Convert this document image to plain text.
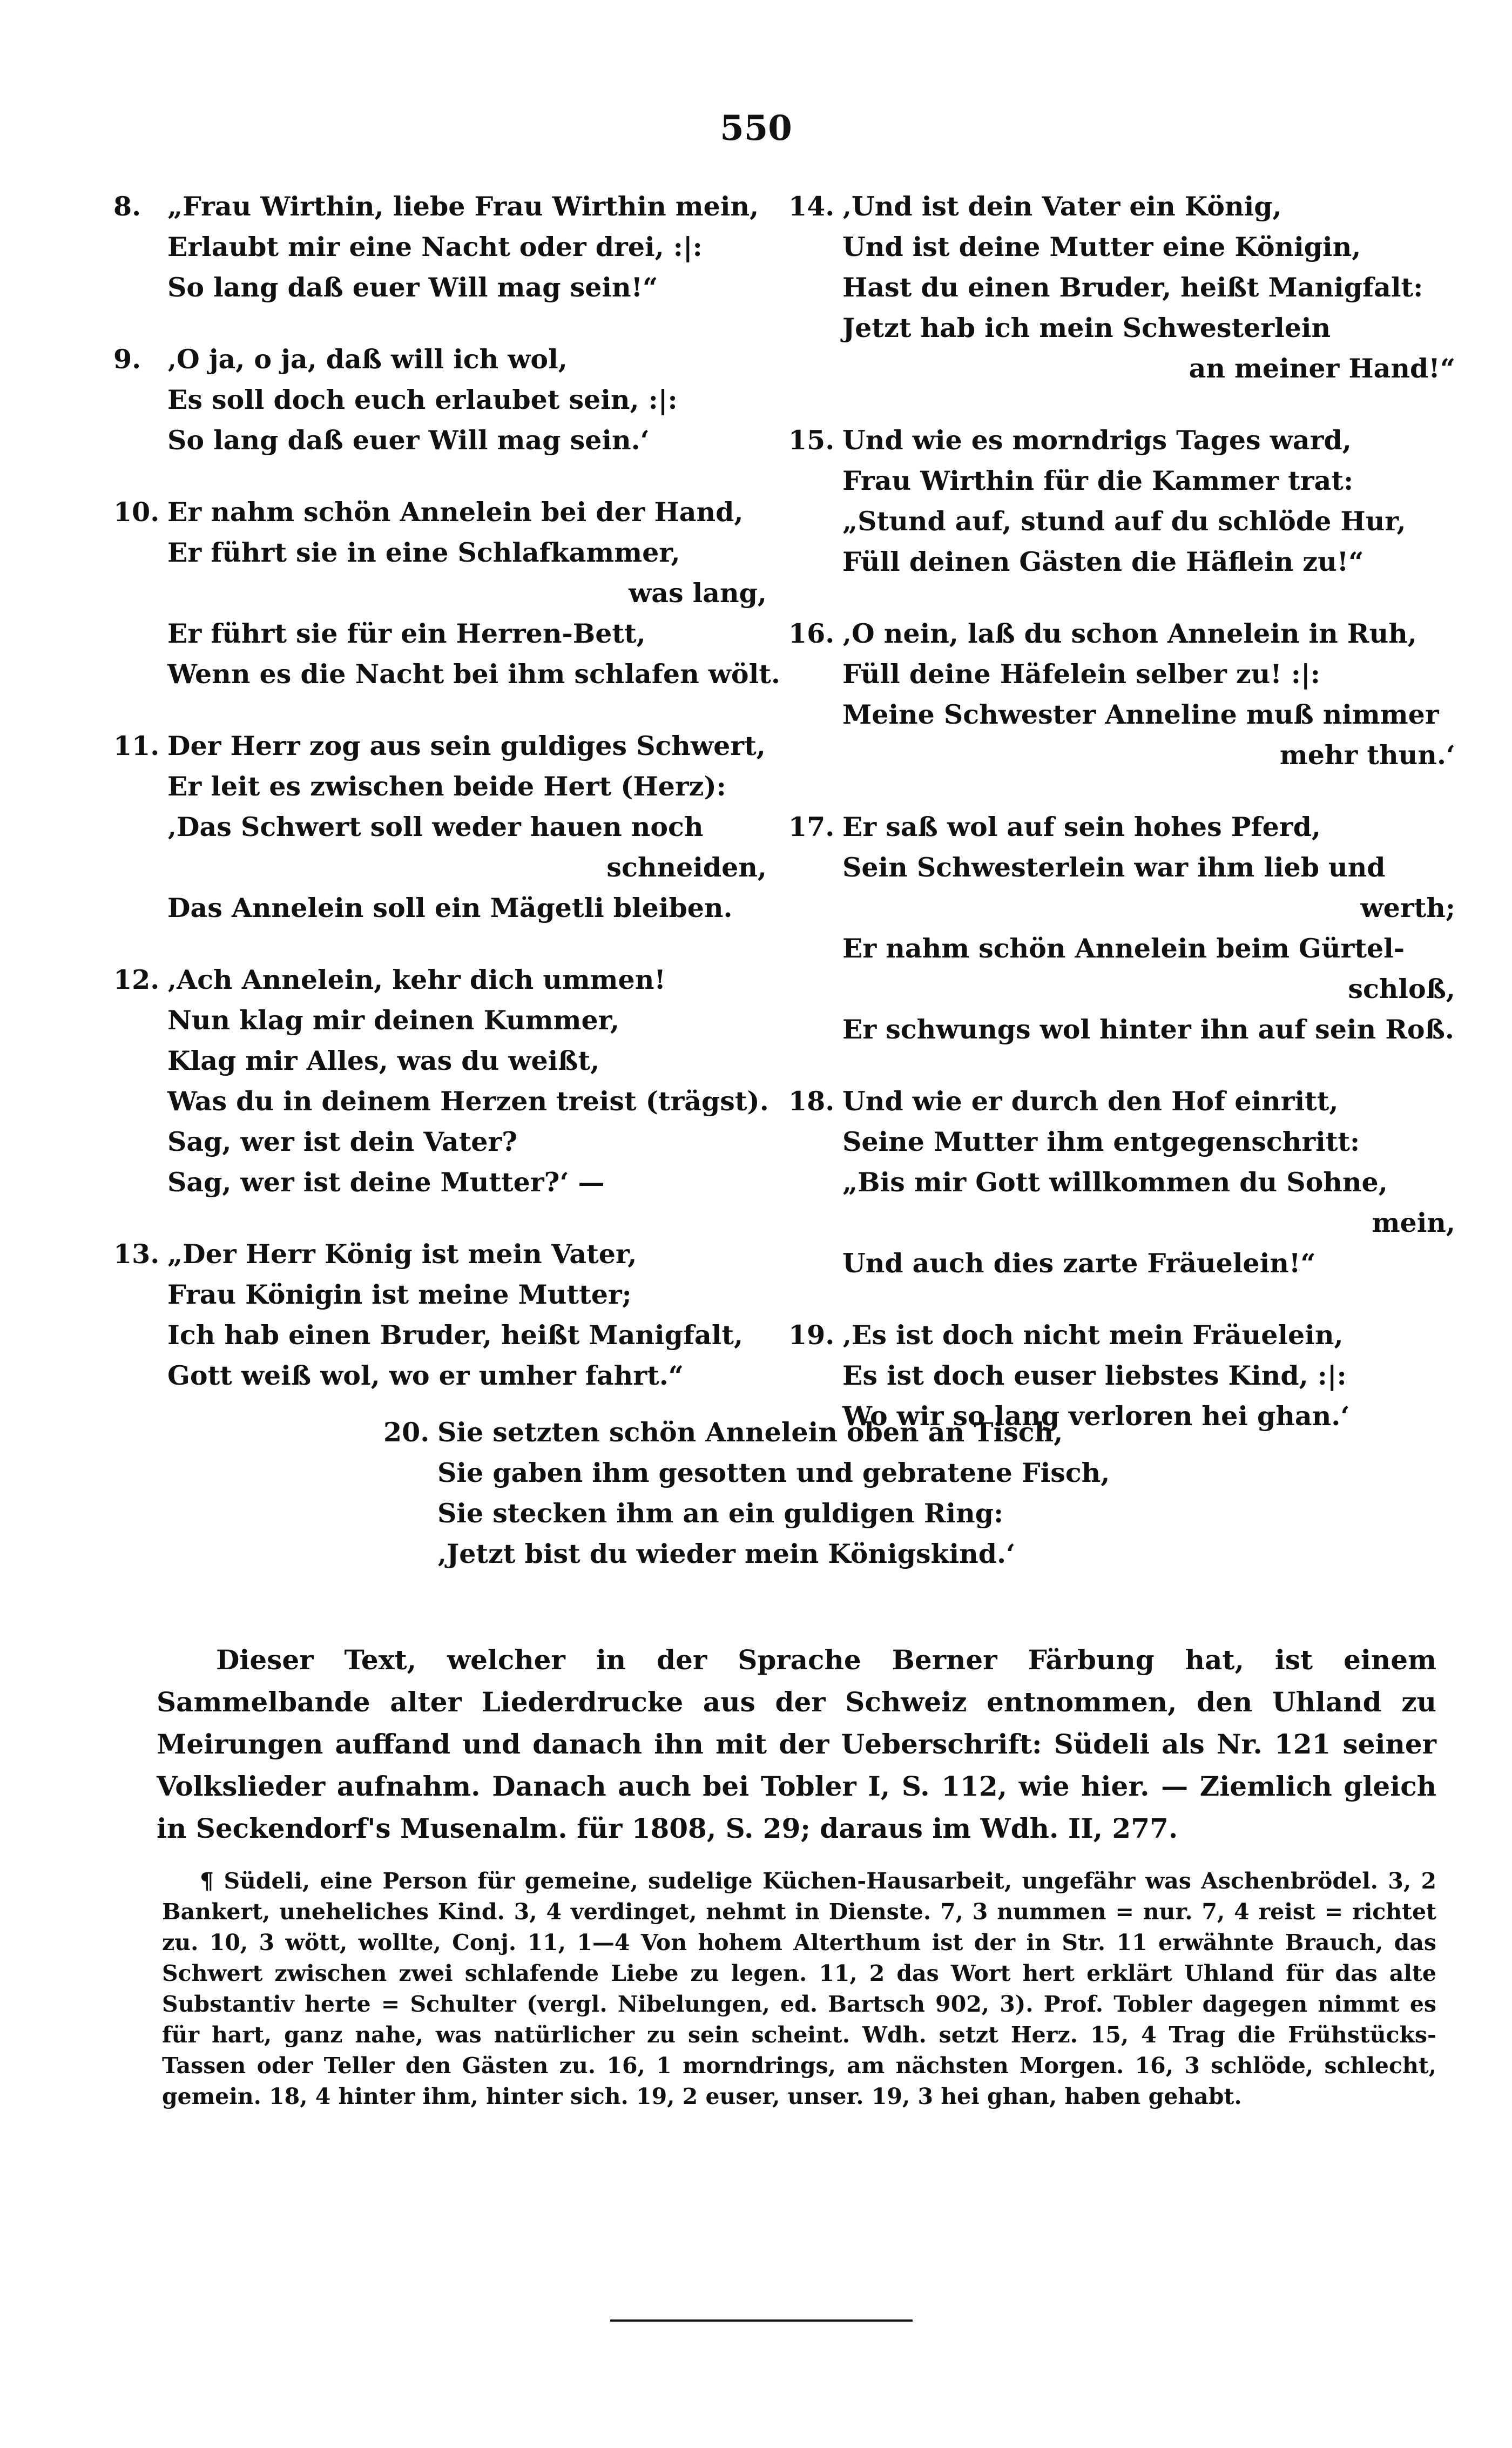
550
8. „Frau Wirthin, liebe Frau Wirthin mein,
Erlaubt mir eine Nacht oder drei, :|:
So lang daß euer Will mag sein!“
9. ‚O ja, o ja, daß will ich wol,
Es soll doch euch erlaubet sein, :|:
So lang daß euer Will mag sein.‘
10. Er nahm schön Annelein bei der Hand,
Er führt sie in eine Schlafkammer,
was lang,
Er führt sie für ein Herren-Bett,
Wenn es die Nacht bei ihm schlafen wölt.
11. Der Herr zog aus sein guldiges Schwert,
Er leit es zwischen beide Hert (Herz):
‚Das Schwert soll weder hauen noch
schneiden,
Das Annelein soll ein Mägetli bleiben.
12. ‚Ach Annelein, kehr dich ummen!
Nun klag mir deinen Kummer,
Klag mir Alles, was du weißt,
Was du in deinem Herzen treist (trägst).
Sag, wer ist dein Vater?
Sag, wer ist deine Mutter?‘ —
13. „Der Herr König ist mein Vater,
Frau Königin ist meine Mutter;
Ich hab einen Bruder, heißt Manigfalt,
Gott weiß wol, wo er umher fahrt.“
14. ‚Und ist dein Vater ein König,
Und ist deine Mutter eine Königin,
Hast du einen Bruder, heißt Manigfalt:
Jetzt hab ich mein Schwesterlein
an meiner Hand!“
15. Und wie es morndrigs Tages ward,
Frau Wirthin für die Kammer trat:
„Stund auf, stund auf du schlöde Hur,
Füll deinen Gästen die Häflein zu!“
16. ‚O nein, laß du schon Annelein in Ruh,
Füll deine Häfelein selber zu! :|:
Meine Schwester Anneline muß nimmer
mehr thun.‘
17. Er saß wol auf sein hohes Pferd,
Sein Schwesterlein war ihm lieb und
werth;
Er nahm schön Annelein beim Gürtel-
schloß,
Er schwungs wol hinter ihn auf sein Roß.
18. Und wie er durch den Hof einritt,
Seine Mutter ihm entgegenschritt:
„Bis mir Gott willkommen du Sohne,
mein,
Und auch dies zarte Fräuelein!“
19. ‚Es ist doch nicht mein Fräuelein,
Es ist doch euser liebstes Kind, :|:
Wo wir so lang verloren hei ghan.‘
20. Sie setzten schön Annelein oben an Tisch,
Sie gaben ihm gesotten und gebratene Fisch,
Sie stecken ihm an ein guldigen Ring:
‚Jetzt bist du wieder mein Königskind.‘

Dieser Text, welcher in der Sprache Berner Färbung hat, ist einem Sammelbande alter Liederdrucke aus der Schweiz entnommen, den Uhland zu Meirungen auffand und danach ihn mit der Ueberschrift: Südeli als Nr. 121 seiner Volkslieder aufnahm. Danach auch bei Tobler I, S. 112, wie hier. — Ziemlich gleich in Seckendorf's Musenalm. für 1808, S. 29; daraus im Wdh. II, 277.

¶ Südeli, eine Person für gemeine, sudelige Küchen-Hausarbeit, ungefähr was Aschenbrödel. 3, 2 Bankert, uneheliches Kind. 3, 4 verdinget, nehmt in Dienste. 7, 3 nummen = nur. 7, 4 reist = richtet zu. 10, 3 wött, wollte, Conj. 11, 1—4 Von hohem Alterthum ist der in Str. 11 erwähnte Brauch, das Schwert zwischen zwei schlafende Liebe zu legen. 11, 2 das Wort hert erklärt Uhland für das alte Substantiv herte = Schulter (vergl. Nibelungen, ed. Bartsch 902, 3). Prof. Tobler dagegen nimmt es für hart, ganz nahe, was natürlicher zu sein scheint. Wdh. setzt Herz. 15, 4 Trag die Frühstücks-Tassen oder Teller den Gästen zu. 16, 1 morndrings, am nächsten Morgen. 16, 3 schlöde, schlecht, gemein. 18, 4 hinter ihm, hinter sich. 19, 2 euser, unser. 19, 3 hei ghan, haben gehabt.
